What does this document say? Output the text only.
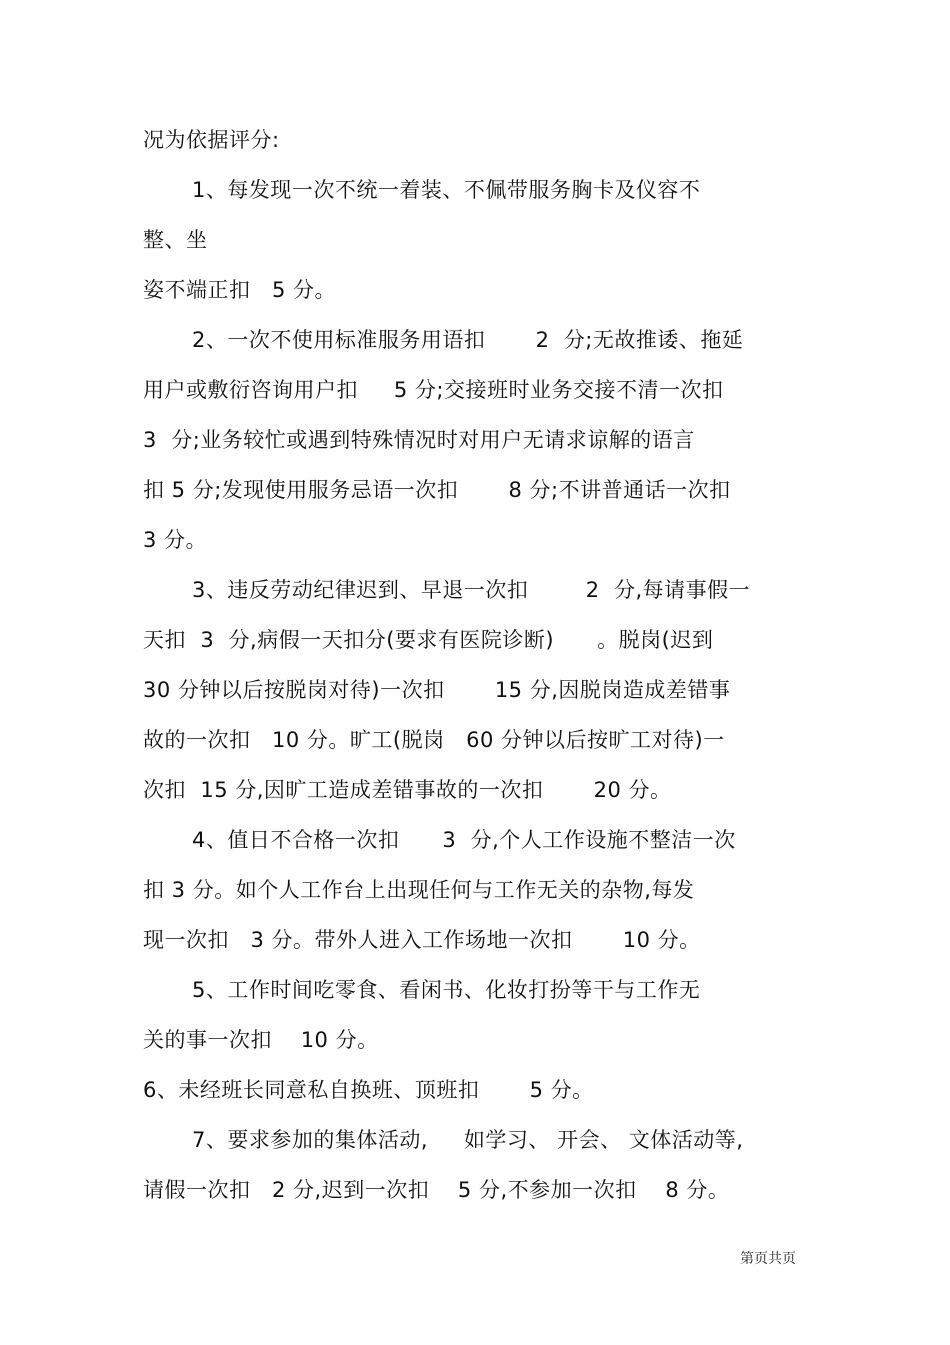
况为依据评分:
1、每发现一次不统一着装、不佩带服务胸卡及仪容不
整、坐
姿不端正扣   5 分。
2、一次不使用标准服务用语扣       2  分;无故推诿、拖延
用户或敷衍咨询用户扣     5 分;交接班时业务交接不清一次扣
3  分;业务较忙或遇到特殊情况时对用户无请求谅解的语言
扣 5 分;发现使用服务忌语一次扣       8 分;不讲普通话一次扣
3 分。
3、违反劳动纪律迟到、早退一次扣        2  分,每请事假一
天扣  3  分,病假一天扣分(要求有医院诊断)      。脱岗(迟到
30 分钟以后按脱岗对待)一次扣       15 分,因脱岗造成差错事
故的一次扣   10 分。旷工(脱岗   60 分钟以后按旷工对待)一
次扣  15 分,因旷工造成差错事故的一次扣       20 分。
4、值日不合格一次扣      3  分,个人工作设施不整洁一次
扣 3 分。如个人工作台上出现任何与工作无关的杂物,每发
现一次扣   3 分。带外人进入工作场地一次扣       10 分。
5、工作时间吃零食、看闲书、化妆打扮等干与工作无
关的事一次扣    10 分。
6、未经班长同意私自换班、顶班扣       5 分。
7、要求参加的集体活动,     如学习、 开会、 文体活动等,
请假一次扣   2 分,迟到一次扣    5 分,不参加一次扣    8 分。
第页共页
